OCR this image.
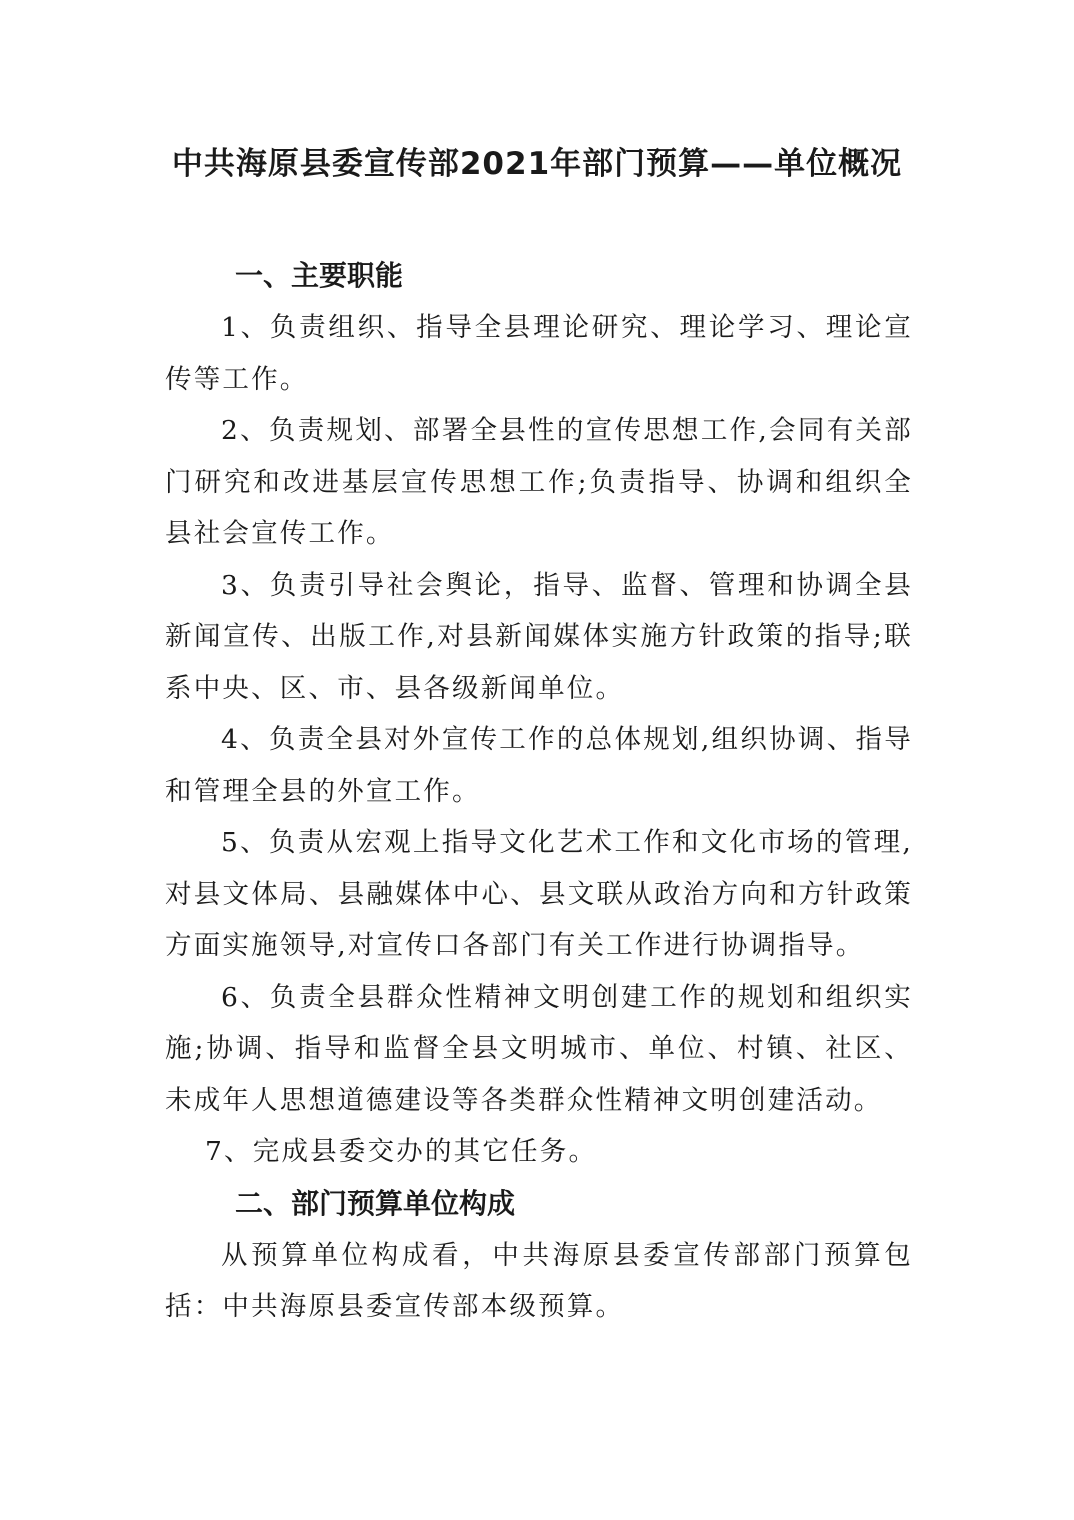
中共海原县委宣传部2021年部门预算——单位概况

一、主要职能

1、负责组织、指导全县理论研究、理论学习、理论宣传等工作。

2、负责规划、部署全县性的宣传思想工作,会同有关部门研究和改进基层宣传思想工作;负责指导、协调和组织全县社会宣传工作。

3、负责引导社会舆论，指导、监督、管理和协调全县新闻宣传、出版工作,对县新闻媒体实施方针政策的指导;联系中央、区、市、县各级新闻单位。

4、负责全县对外宣传工作的总体规划,组织协调、指导和管理全县的外宣工作。

5、负责从宏观上指导文化艺术工作和文化市场的管理,对县文体局、县融媒体中心、县文联从政治方向和方针政策方面实施领导,对宣传口各部门有关工作进行协调指导。

6、负责全县群众性精神文明创建工作的规划和组织实施;协调、指导和监督全县文明城市、单位、村镇、社区、未成年人思想道德建设等各类群众性精神文明创建活动。

7、完成县委交办的其它任务。

二、部门预算单位构成

从预算单位构成看，中共海原县委宣传部部门预算包括：中共海原县委宣传部本级预算。
